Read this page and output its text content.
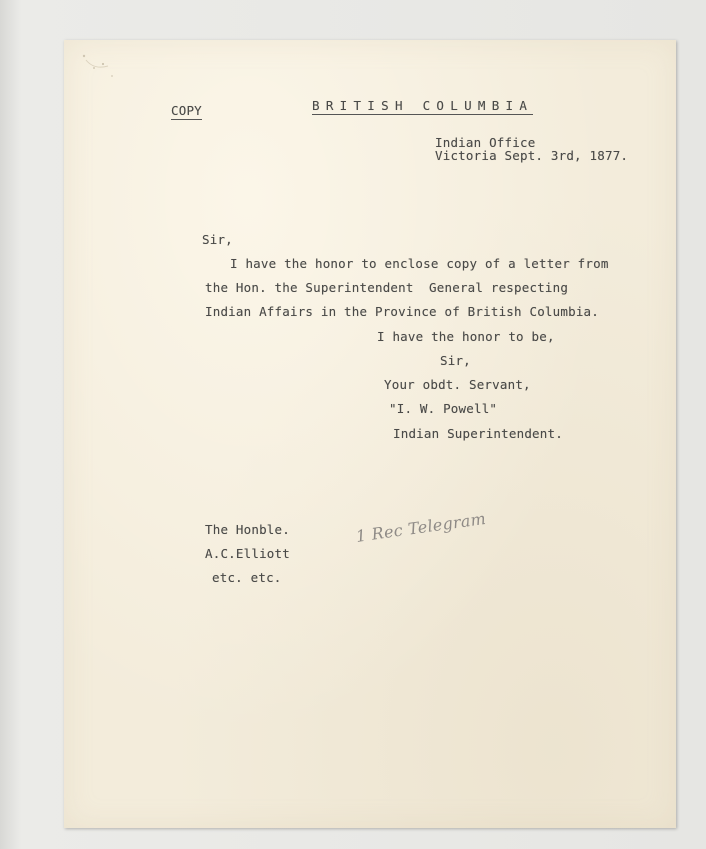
COPY	BRITISH COLUMBIA
Indian Office
Victoria Sept. 3rd, 1877.
Sir,
I have the honor to enclose copy of a letter from
the Hon. the Superintendent  General respecting
Indian Affairs in the Province of British Columbia.
I have the honor to be,
Sir,
Your obdt. Servant,
"I. W. Powell"
Indian Superintendent.
The Honble.
A.C.Elliott
etc. etc.
1 Rec Telegram
